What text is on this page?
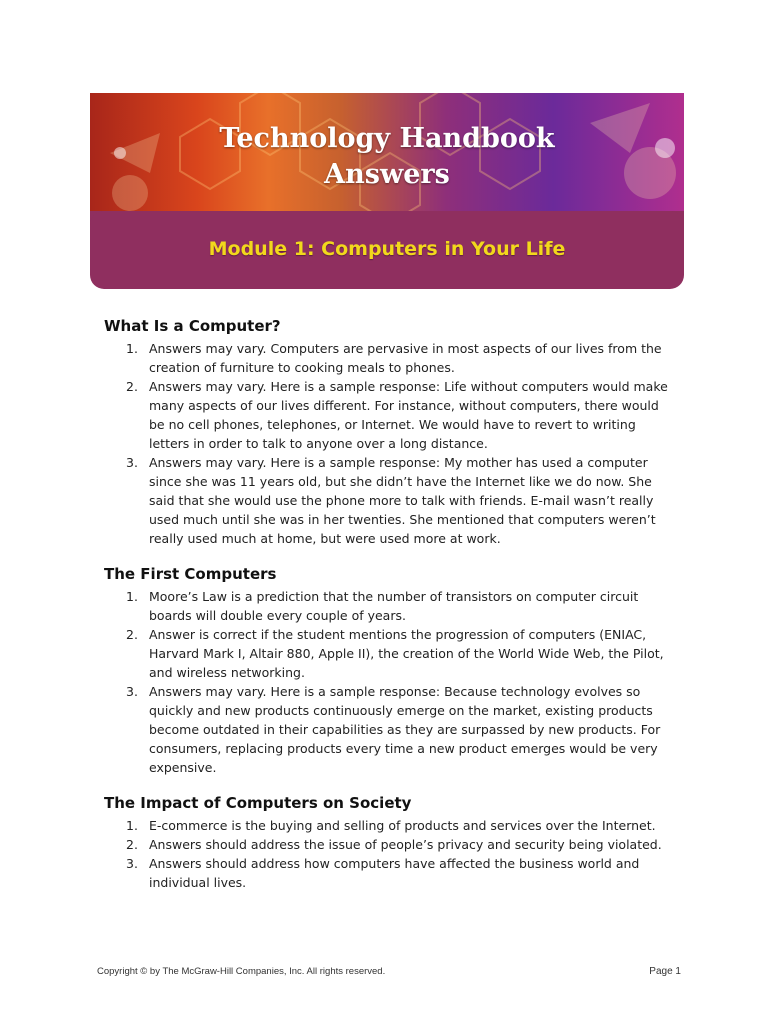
Technology Handbook
Answers
Module 1: Computers in Your Life
What Is a Computer?
1. Answers may vary. Computers are pervasive in most aspects of our lives from the creation of furniture to cooking meals to phones.
2. Answers may vary. Here is a sample response: Life without computers would make many aspects of our lives different. For instance, without computers, there would be no cell phones, telephones, or Internet. We would have to revert to writing letters in order to talk to anyone over a long distance.
3. Answers may vary. Here is a sample response: My mother has used a computer since she was 11 years old, but she didn’t have the Internet like we do now. She said that she would use the phone more to talk with friends. E-mail wasn’t really used much until she was in her twenties. She mentioned that computers weren’t really used much at home, but were used more at work.
The First Computers
1. Moore’s Law is a prediction that the number of transistors on computer circuit boards will double every couple of years.
2. Answer is correct if the student mentions the progression of computers (ENIAC, Harvard Mark I, Altair 880, Apple II), the creation of the World Wide Web, the Pilot, and wireless networking.
3. Answers may vary. Here is a sample response: Because technology evolves so quickly and new products continuously emerge on the market, existing products become outdated in their capabilities as they are surpassed by new products. For consumers, replacing products every time a new product emerges would be very expensive.
The Impact of Computers on Society
1. E-commerce is the buying and selling of products and services over the Internet.
2. Answers should address the issue of people’s privacy and security being violated.
3. Answers should address how computers have affected the business world and individual lives.
Copyright © by The McGraw-Hill Companies, Inc. All rights reserved.	Page 1
